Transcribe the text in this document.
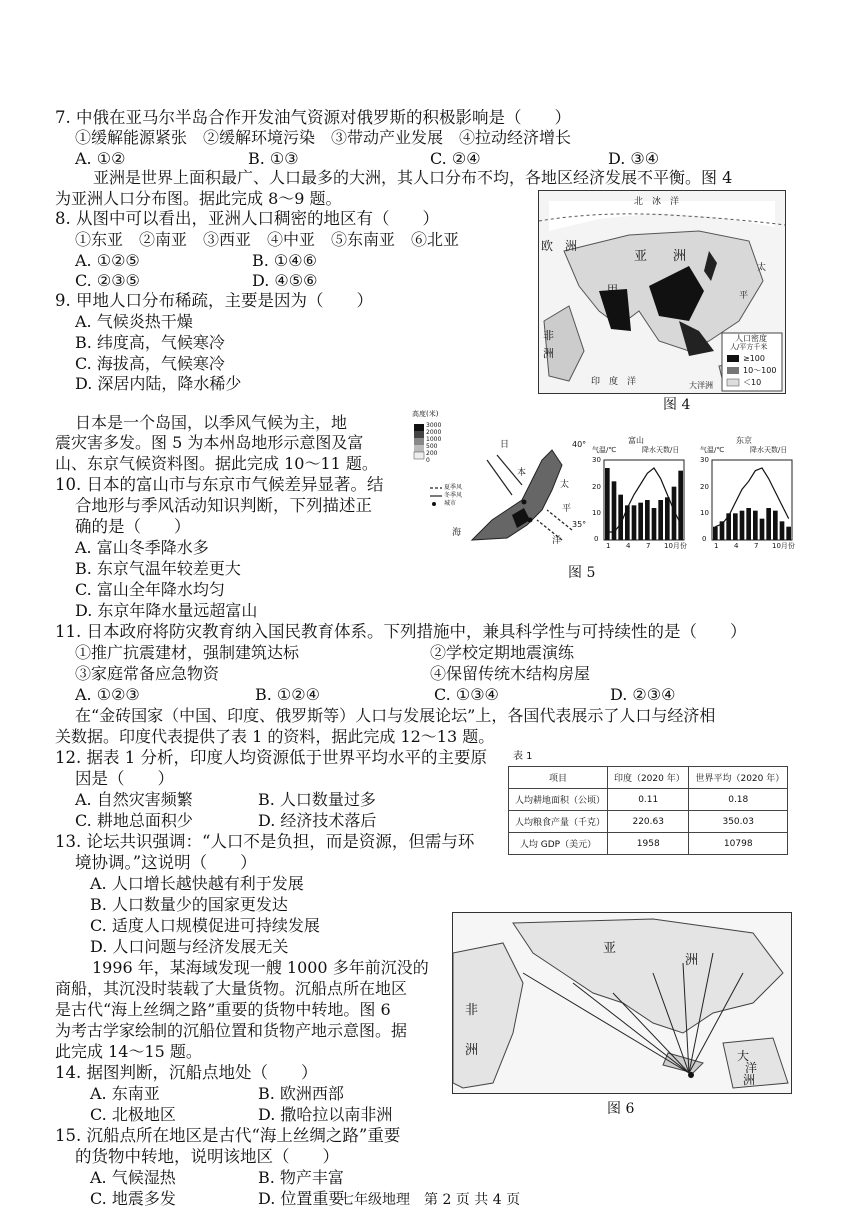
7. 中俄在亚马尔半岛合作开发油气资源对俄罗斯的积极影响是（　　）
①缓解能源紧张　②缓解环境污染　③带动产业发展　④拉动经济增长
A. ①②	B. ①③	C. ②④	D. ③④
亚洲是世界上面积最广、人口最多的大洲，其人口分布不均，各地区经济发展不平衡。图 4
为亚洲人口分布图。据此完成 8～9 题。
8. 从图中可以看出，亚洲人口稠密的地区有（　　）
①东亚　②南亚　③西亚　④中亚　⑤东南亚　⑥北亚
A. ①②⑤	B. ①④⑥
C. ②③⑤	D. ④⑤⑥
9. 甲地人口分布稀疏，主要是因为（　　）
A. 气候炎热干燥
B. 纬度高，气候寒冷
C. 海拔高，气候寒冷
D. 深居内陆，降水稀少
北　冰　洋
欧　洲
亚　　洲
甲
太
平
非
洲
印　度　洋	大洋洲
人口密度
人/平方千米
≥100
10～100
＜10
图 4
日本是一个岛国，以季风气候为主，地
震灾害多发。图 5 为本州岛地形示意图及富
山、东京气候资料图。据此完成 10～11 题。
10. 日本的富山市与东京市气候差异显著。结
合地形与季风活动知识判断，下列描述正
确的是（　　）
A. 富山冬季降水多
B. 东京气温年较差更大
C. 富山全年降水均匀
D. 东京年降水量远超富山
高度(米)
3000
2000
1000
500
200
0
夏季风
冬季风
城市
40°
35°
日
本
太
平
洋
海
富山
气温/℃	降水天数/日
30
20
10
0
1 4 7 10月份
东京
气温/℃	降水天数/日
30
20
10
0
1 4 7 10月份
图 5
11. 日本政府将防灾教育纳入国民教育体系。下列措施中，兼具科学性与可持续性的是（　　）
①推广抗震建材，强制建筑达标	②学校定期地震演练
③家庭常备应急物资	④保留传统木结构房屋
A. ①②③	B. ①②④	C. ①③④	D. ②③④
在“金砖国家（中国、印度、俄罗斯等）人口与发展论坛”上，各国代表展示了人口与经济相
关数据。印度代表提供了表 1 的资料，据此完成 12～13 题。
12. 据表 1 分析，印度人均资源低于世界平均水平的主要原
因是（　　）
A. 自然灾害频繁	B. 人口数量过多
C. 耕地总面积少	D. 经济技术落后
表 1
项目	印度（2020 年）	世界平均（2020 年）
人均耕地面积（公顷）	0.11	0.18
人均粮食产量（千克）	220.63	350.03
人均 GDP（美元）	1958	10798
13. 论坛共识强调：“人口不是负担，而是资源，但需与环
境协调。”这说明（　　）
A. 人口增长越快越有利于发展
B. 人口数量少的国家更发达
C. 适度人口规模促进可持续发展
D. 人口问题与经济发展无关
1996 年，某海域发现一艘 1000 多年前沉没的
商船，其沉没时装载了大量货物。沉船点所在地区
是古代“海上丝绸之路”重要的货物中转地。图 6
为考古学家绘制的沉船位置和货物产地示意图。据
此完成 14～15 题。
14. 据图判断，沉船点地处（　　）
A. 东南亚	B. 欧洲西部
C. 北极地区	D. 撒哈拉以南非洲
15. 沉船点所在地区是古代“海上丝绸之路”重要
的货物中转地，说明该地区（　　）
A. 气候湿热	B. 物产丰富
C. 地震多发	D. 位置重要
亚
洲
非
洲	大
洋
洲
图 6
七年级地理　第 2 页 共 4 页
